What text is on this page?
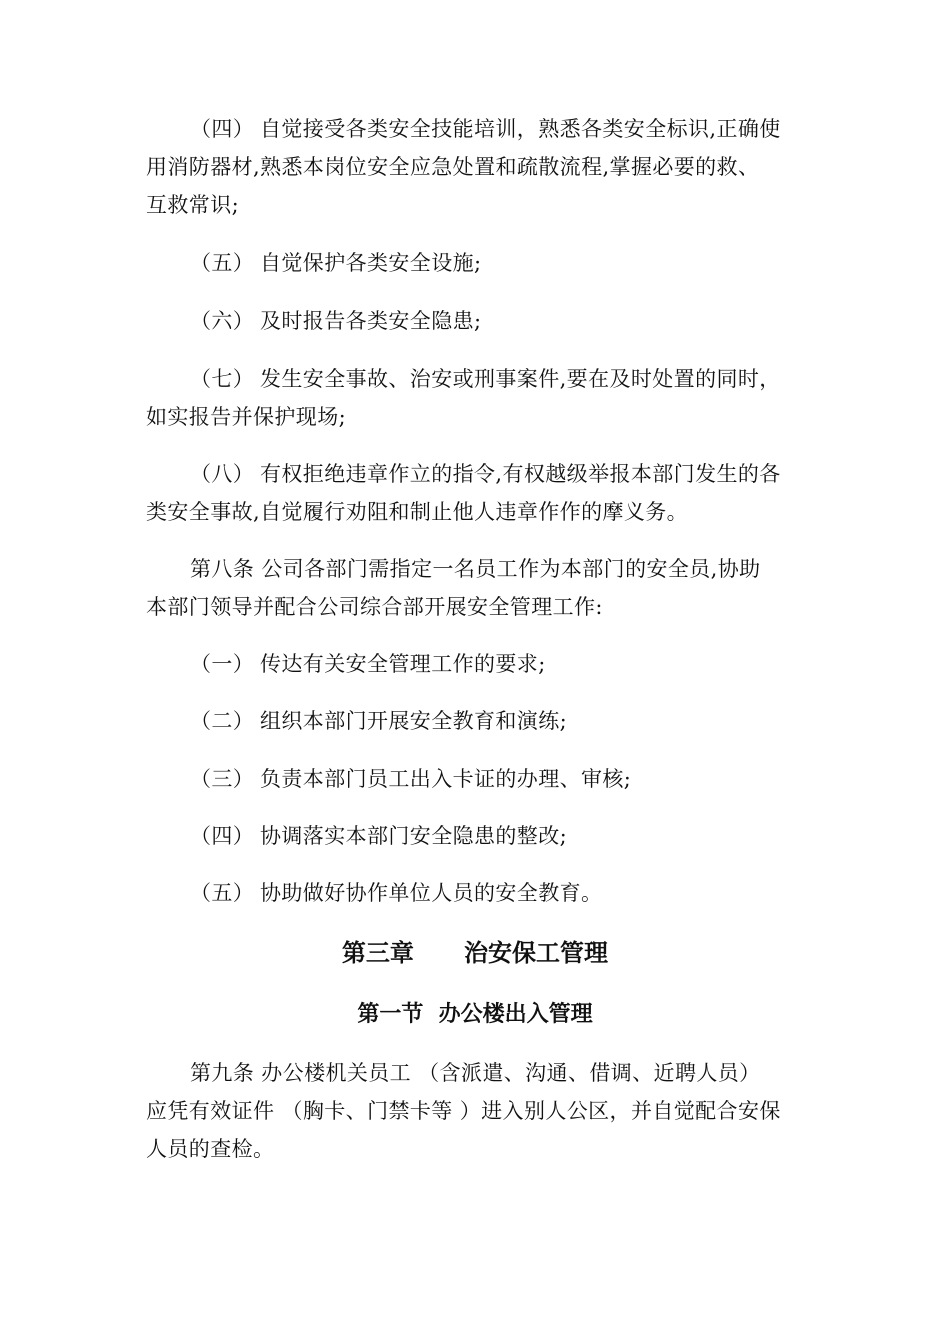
（四） 自觉接受各类安全技能培训，熟悉各类安全标识,正确使
用消防器材,熟悉本岗位安全应急处置和疏散流程,掌握必要的救、
互救常识;
（五） 自觉保护各类安全设施;
（六） 及时报告各类安全隐患;
（七） 发生安全事故、治安或刑事案件,要在及时处置的同时，
如实报告并保护现场;
（八） 有权拒绝违章作立的指令,有权越级举报本部门发生的各
类安全事故,自觉履行劝阻和制止他人违章作作的摩义务。
第八条 公司各部门需指定一名员工作为本部门的安全员,协助
本部门领导并配合公司综合部开展安全管理工作:
（一） 传达有关安全管理工作的要求;
（二） 组织本部门开展安全教育和演练;
（三） 负责本部门员工出入卡证的办理、审核;
（四） 协调落实本部门安全隐患的整改;
（五） 协助做好协作单位人员的安全教育。
第三章      治安保工管理
第一节  办公楼出入管理
第九条 办公楼机关员工 （含派遣、沟通、借调、近聘人员）
应凭有效证件 （胸卡、门禁卡等 ）进入别人公区，并自觉配合安保
人员的查检。
